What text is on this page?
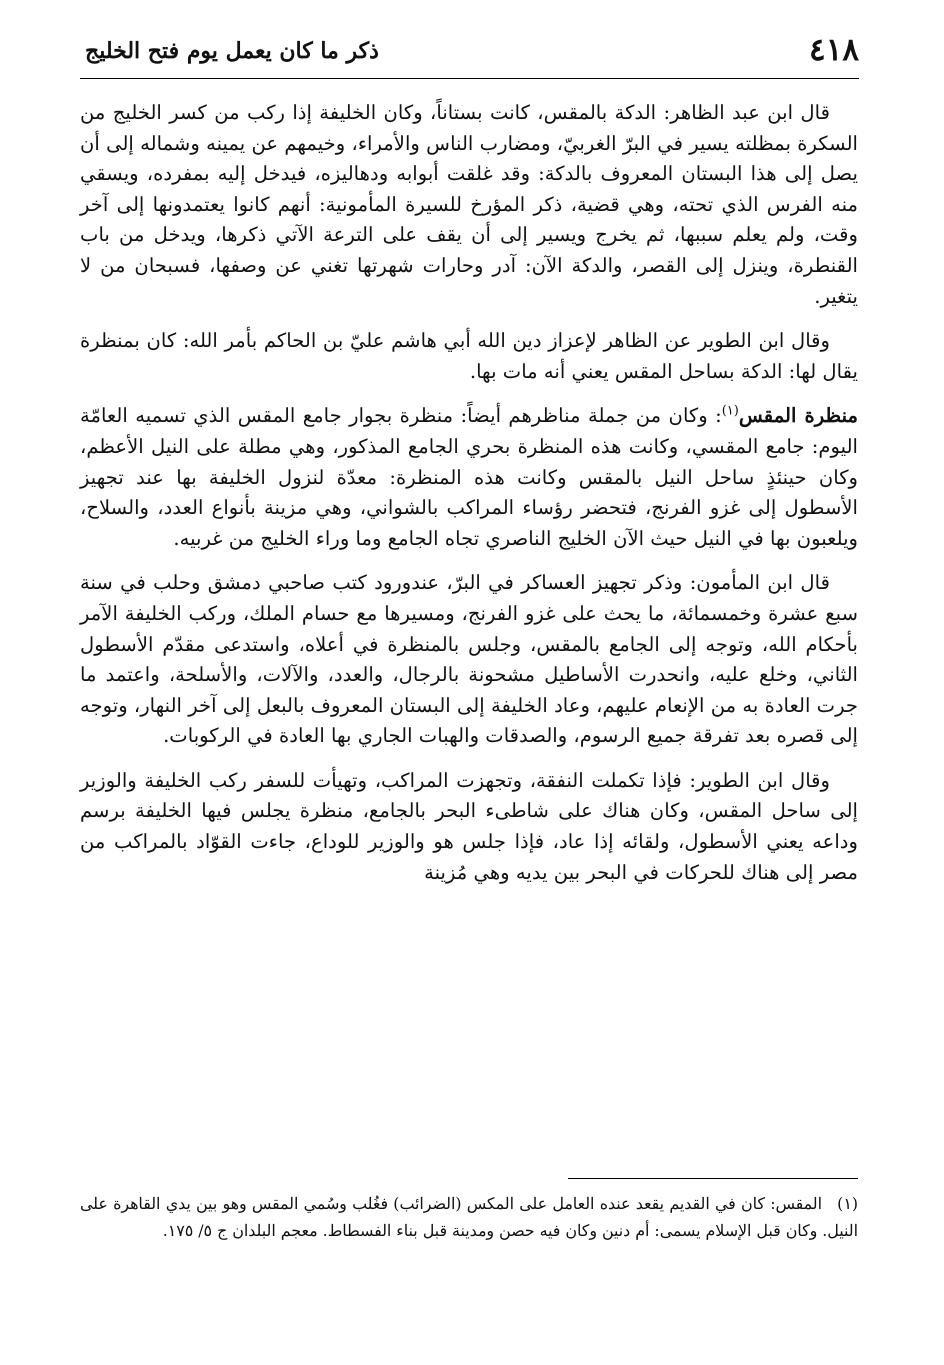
٤١٨
ذكر ما كان يعمل يوم فتح الخليج

قال ابن عبد الظاهر: الدكة بالمقس، كانت بستاناً، وكان الخليفة إذا ركب من كسر الخليج من السكرة بمظلته يسير في البرّ الغربيّ، ومضارب الناس والأمراء، وخيمهم عن يمينه وشماله إلى أن يصل إلى هذا البستان المعروف بالدكة: وقد غلقت أبوابه ودهاليزه، فيدخل إليه بمفرده، ويسقي منه الفرس الذي تحته، وهي قضية، ذكر المؤرخ للسيرة المأمونية: أنهم كانوا يعتمدونها إلى آخر وقت، ولم يعلم سببها، ثم يخرج ويسير إلى أن يقف على الترعة الآتي ذكرها، ويدخل من باب القنطرة، وينزل إلى القصر، والدكة الآن: آدر وحارات شهرتها تغني عن وصفها، فسبحان من لا يتغير.

وقال ابن الطوير عن الظاهر لإعزاز دين الله أبي هاشم عليّ بن الحاكم بأمر الله: كان بمنظرة يقال لها: الدكة بساحل المقس يعني أنه مات بها.

منظرة المقس$^{(١)}$: وكان من جملة مناظرهم أيضاً: منظرة بجوار جامع المقس الذي تسميه العامّة اليوم: جامع المقسي، وكانت هذه المنظرة بحري الجامع المذكور، وهي مطلة على النيل الأعظم، وكان حينئذٍ ساحل النيل بالمقس وكانت هذه المنظرة: معدّة لنزول الخليفة بها عند تجهيز الأسطول إلى غزو الفرنج، فتحضر رؤساء المراكب بالشواني، وهي مزينة بأنواع العدد، والسلاح، ويلعبون بها في النيل حيث الآن الخليج الناصري تجاه الجامع وما وراء الخليج من غربيه.

قال ابن المأمون: وذكر تجهيز العساكر في البرّ، عندورود كتب صاحبي دمشق وحلب في سنة سبع عشرة وخمسمائة، ما يحث على غزو الفرنج، ومسيرها مع حسام الملك، وركب الخليفة الآمر بأحكام الله، وتوجه إلى الجامع بالمقس، وجلس بالمنظرة في أعلاه، واستدعى مقدّم الأسطول الثاني، وخلع عليه، وانحدرت الأساطيل مشحونة بالرجال، والعدد، والآلات، والأسلحة، واعتمد ما جرت العادة به من الإنعام عليهم، وعاد الخليفة إلى البستان المعروف بالبعل إلى آخر النهار، وتوجه إلى قصره بعد تفرقة جميع الرسوم، والصدقات والهبات الجاري بها العادة في الركوبات.

وقال ابن الطوير: فإذا تكملت النفقة، وتجهزت المراكب، وتهيأت للسفر ركب الخليفة والوزير إلى ساحل المقس، وكان هناك على شاطىء البحر بالجامع، منظرة يجلس فيها الخليفة برسم وداعه يعني الأسطول، ولقائه إذا عاد، فإذا جلس هو والوزير للوداع، جاءت القوّاد بالمراكب من مصر إلى هناك للحركات في البحر بين يديه وهي مُزينة

(١)المقس: كان في القديم يقعد عنده العامل على المكس (الضرائب) فغُلب وسُمي المقس وهو بين يدي القاهرة على النيل. وكان قبل الإسلام يسمى: أم دنين وكان فيه حصن ومدينة قبل بناء الفسطاط. معجم البلدان ج ٥/ ١٧٥.
